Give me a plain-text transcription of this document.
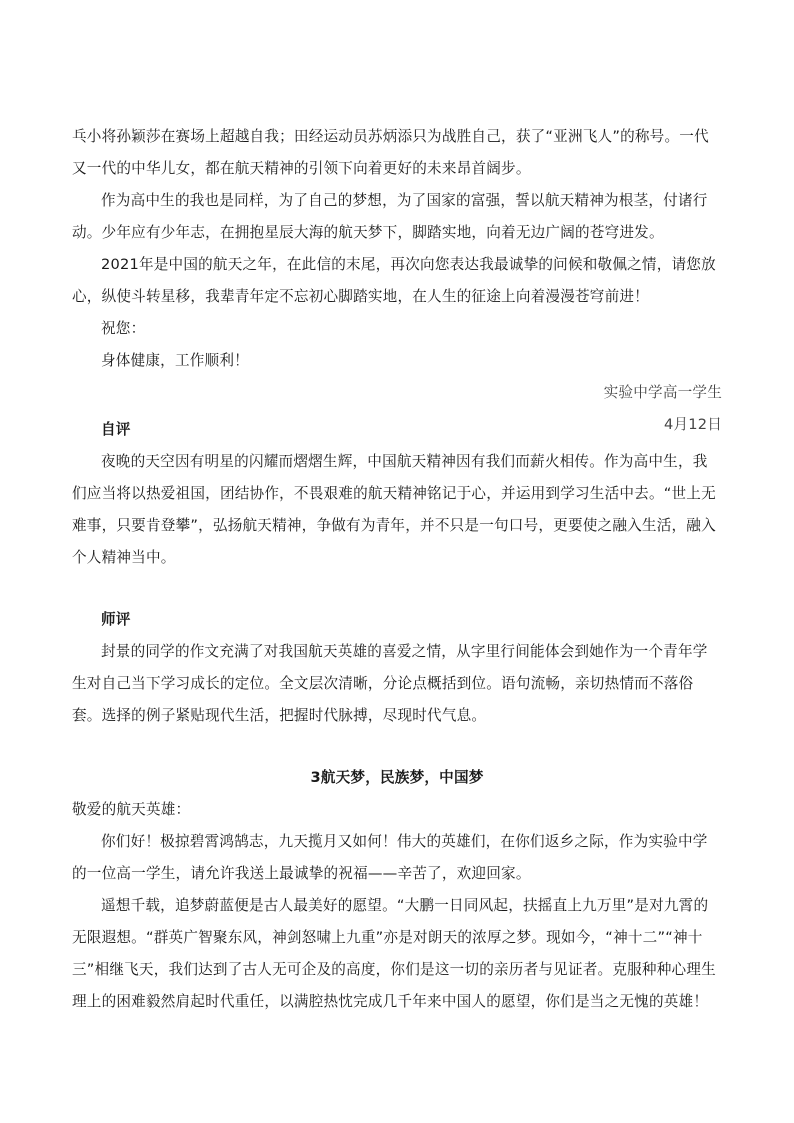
乓小将孙颖莎在赛场上超越自我；田经运动员苏炳添只为战胜自己，获了“亚洲飞人”的称号。一代又一代的中华儿女，都在航天精神的引领下向着更好的未来昂首阔步。

作为高中生的我也是同样，为了自己的梦想，为了国家的富强，誓以航天精神为根茎，付诸行动。少年应有少年志，在拥抱星辰大海的航天梦下，脚踏实地，向着无边广阔的苍穹进发。

2021年是中国的航天之年，在此信的末尾，再次向您表达我最诚挚的问候和敬佩之情，请您放心，纵使斗转星移，我辈青年定不忘初心脚踏实地，在人生的征途上向着漫漫苍穹前进！

祝您：

身体健康，工作顺利！

实验中学高一学生

4月12日

自评

夜晚的天空因有明星的闪耀而熠熠生辉，中国航天精神因有我们而薪火相传。作为高中生，我们应当将以热爱祖国，团结协作，不畏艰难的航天精神铭记于心，并运用到学习生活中去。“世上无难事，只要肯登攀”，弘扬航天精神，争做有为青年，并不只是一句口号，更要使之融入生活，融入个人精神当中。

师评

封景的同学的作文充满了对我国航天英雄的喜爱之情，从字里行间能体会到她作为一个青年学生对自己当下学习成长的定位。全文层次清晰，分论点概括到位。语句流畅，亲切热情而不落俗套。选择的例子紧贴现代生活，把握时代脉搏，尽现时代气息。

3航天梦，民族梦，中国梦

敬爱的航天英雄：

你们好！极掠碧霄鸿鹄志，九天揽月又如何！伟大的英雄们，在你们返乡之际，作为实验中学的一位高一学生，请允许我送上最诚挚的祝福——辛苦了，欢迎回家。

遥想千载，追梦蔚蓝便是古人最美好的愿望。“大鹏一日同风起，扶摇直上九万里”是对九霄的无限遐想。“群英广智聚东风，神剑怒啸上九重”亦是对朗天的浓厚之梦。现如今，“神十二”“神十三”相继飞天，我们达到了古人无可企及的高度，你们是这一切的亲历者与见证者。克服种种心理生理上的困难毅然肩起时代重任，以满腔热忱完成几千年来中国人的愿望，你们是当之无愧的英雄！
